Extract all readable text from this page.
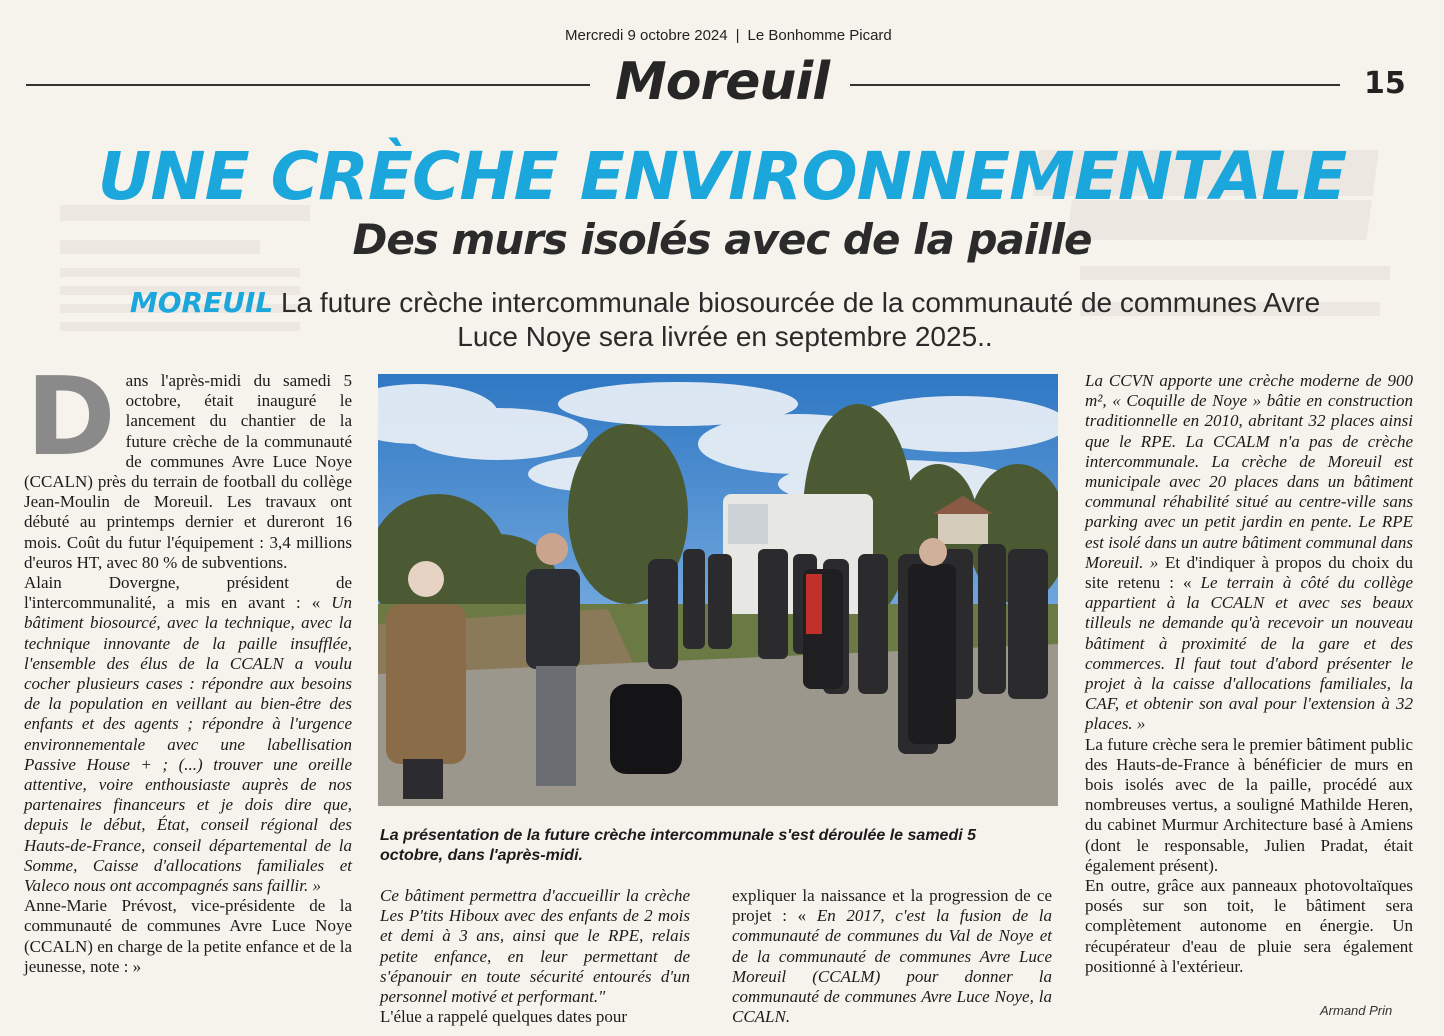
Mercredi 9 octobre 2024 | Le Bonhomme Picard
Moreuil	15
UNE CRÈCHE ENVIRONNEMENTALE
Des murs isolés avec de la paille
MOREUIL La future crèche intercommunale biosourcée de la communauté de communes Avre Luce Noye sera livrée en septembre 2025..
D ans l'après-midi du samedi 5 octobre, était inauguré le lancement du chantier de la future crèche de la communauté de communes Avre Luce Noye (CCALN) près du terrain de football du collège Jean-Moulin de Moreuil. Les travaux ont débuté au printemps dernier et dureront 16 mois. Coût du futur l'équipement : 3,4 millions d'euros HT, avec 80 % de subventions.

Alain Dovergne, président de l'intercommunalité, a mis en avant : « Un bâtiment biosourcé, avec la technique, avec la technique innovante de la paille insufflée, l'ensemble des élus de la CCALN a voulu cocher plusieurs cases : répondre aux besoins de la population en veillant au bien-être des enfants et des agents ; répondre à l'urgence environnementale avec une labellisation Passive House + ; (...) trouver une oreille attentive, voire enthousiaste auprès de nos partenaires financeurs et je dois dire que, depuis le début, État, conseil régional des Hauts-de-France, conseil départemental de la Somme, Caisse d'allocations familiales et Valeco nous ont accompagnés sans faillir. »

Anne-Marie Prévost, vice-présidente de la communauté de communes Avre Luce Noye (CCALN) en charge de la petite enfance et de la jeunesse, note : »

La présentation de la future crèche intercommunale s'est déroulée le samedi 5 octobre, dans l'après-midi.

Ce bâtiment permettra d'accueillir la crèche Les P'tits Hiboux avec des enfants de 2 mois et demi à 3 ans, ainsi que le RPE, relais petite enfance, en leur permettant de s'épanouir en toute sécurité entourés d'un personnel motivé et performant."

L'élue a rappelé quelques dates pour

expliquer la naissance et la progression de ce projet : « En 2017, c'est la fusion de la communauté de communes du Val de Noye et de la communauté de communes Avre Luce Moreuil (CCALM) pour donner la communauté de communes Avre Luce Noye, la CCALN.

La CCVN apporte une crèche moderne de 900 m², « Coquille de Noye » bâtie en construction traditionnelle en 2010, abritant 32 places ainsi que le RPE. La CCALM n'a pas de crèche intercommunale. La crèche de Moreuil est municipale avec 20 places dans un bâtiment communal réhabilité situé au centre-ville sans parking avec un petit jardin en pente. Le RPE est isolé dans un autre bâtiment communal dans Moreuil. » Et d'indiquer à propos du choix du site retenu : « Le terrain à côté du collège appartient à la CCALN et avec ses beaux tilleuls ne demande qu'à recevoir un nouveau bâtiment à proximité de la gare et des commerces. Il faut tout d'abord présenter le projet à la caisse d'allocations familiales, la CAF, et obtenir son aval pour l'extension à 32 places. »

La future crèche sera le premier bâtiment public des Hauts-de-France à bénéficier de murs en bois isolés avec de la paille, procédé aux nombreuses vertus, a souligné Mathilde Heren, du cabinet Murmur Architecture basé à Amiens (dont le responsable, Julien Pradat, était également présent).

En outre, grâce aux panneaux photovoltaïques posés sur son toit, le bâtiment sera complètement autonome en énergie. Un récupérateur d'eau de pluie sera également positionné à l'extérieur.

Armand Prin
